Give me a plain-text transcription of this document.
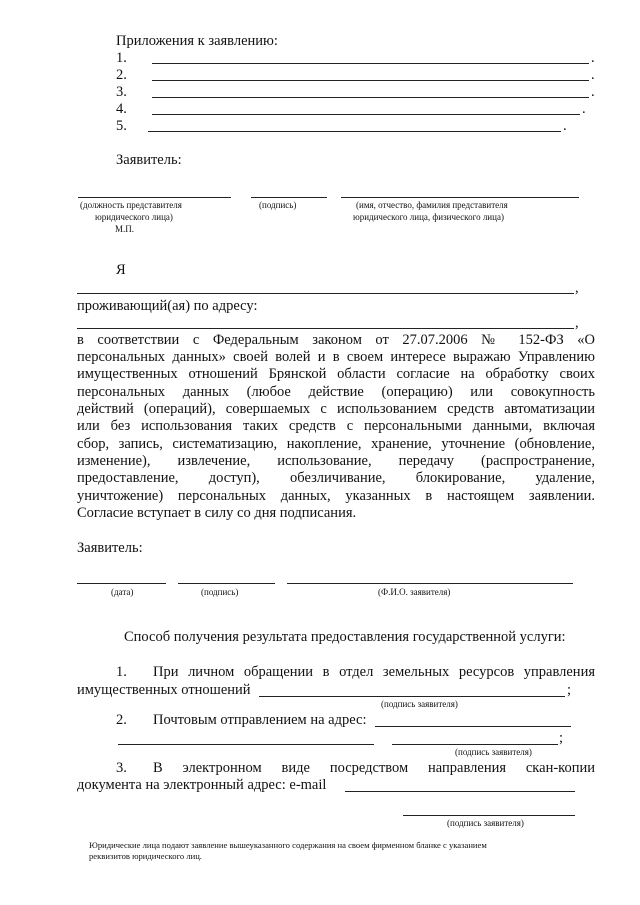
Приложения к заявлению:
1.	.
2.	.
3.	.
4.	.
5.	.
Заявитель:
(должность представителя
юридического лица)
(подпись)	(имя, отчество, фамилия представителя
юридического лица, физического лица)
М.П.
Я
,
проживающий(ая) по адресу:
,
в соответствии с Федеральным законом от 27.07.2006 № 152-ФЗ «О
персональных данных» своей волей и в своем интересе выражаю Управлению
имущественных отношений Брянской области согласие на обработку своих
персональных данных (любое действие (операцию) или совокупность
действий (операций), совершаемых с использованием средств автоматизации
или без использования таких средств с персональными данными, включая
сбор, запись, систематизацию, накопление, хранение, уточнение (обновление,
изменение), извлечение, использование, передачу (распространение,
предоставление, доступ), обезличивание, блокирование, удаление,
уничтожение) персональных данных, указанных в настоящем заявлении.
Согласие вступает в силу со дня подписания.
Заявитель:
(дата)	(подпись)	(Ф.И.О. заявителя)
Способ получения результата предоставления государственной услуги:
1. При личном обращении в отдел земельных ресурсов управления
имущественных отношений	;
(подпись заявителя)
2. Почтовым отправлением на адрес:
;
(подпись заявителя)
3. В электронном виде посредством направления скан-копии
документа на электронный адрес: e-mail
(подпись заявителя)
Юридические лица подают заявление вышеуказанного содержания на своем фирменном бланке с указанием
реквизитов юридического лиц.
